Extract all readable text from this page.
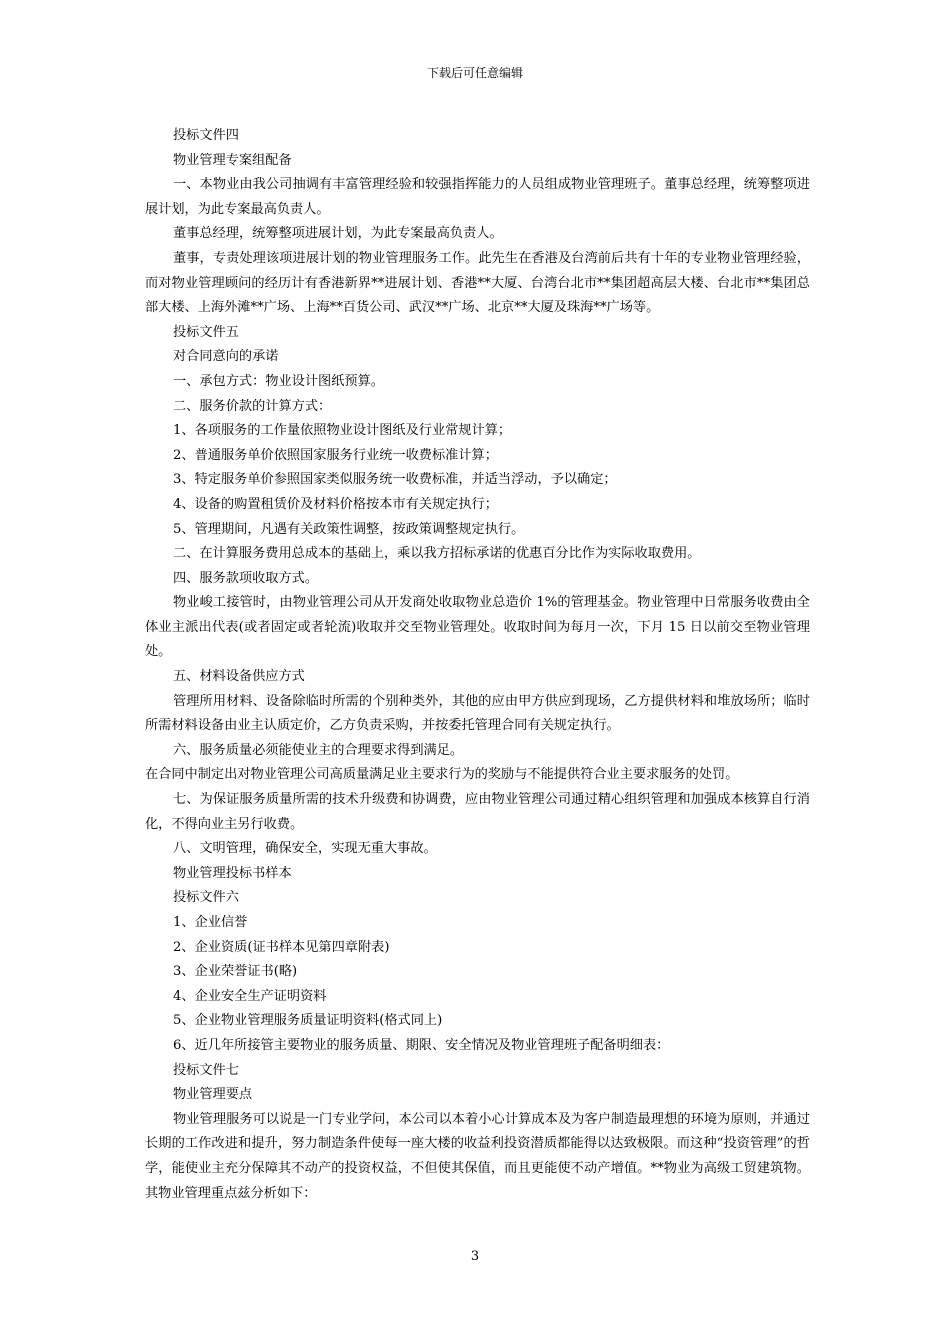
下载后可任意编辑

投标文件四

物业管理专案组配备

一、本物业由我公司抽调有丰富管理经验和较强指挥能力的人员组成物业管理班子。董事总经理，统筹整项进展计划，为此专案最高负责人。

董事总经理，统筹整项进展计划，为此专案最高负责人。

董事，专责处理该项进展计划的物业管理服务工作。此先生在香港及台湾前后共有十年的专业物业管理经验，而对物业管理顾问的经历计有香港新界**进展计划、香港**大厦、台湾台北市**集团超高层大楼、台北市**集团总部大楼、上海外滩**广场、上海**百货公司、武汉**广场、北京**大厦及珠海**广场等。

投标文件五

对合同意向的承诺

一、承包方式：物业设计图纸预算。

二、服务价款的计算方式：

1、各项服务的工作量依照物业设计图纸及行业常规计算；

2、普通服务单价依照国家服务行业统一收费标准计算；

3、特定服务单价参照国家类似服务统一收费标准，并适当浮动，予以确定；

4、设备的购置租赁价及材料价格按本市有关规定执行；

5、管理期间，凡遇有关政策性调整，按政策调整规定执行。

二、在计算服务费用总成本的基础上，乘以我方招标承诺的优惠百分比作为实际收取费用。

四、服务款项收取方式。

物业峻工接管时，由物业管理公司从开发商处收取物业总造价 1%的管理基金。物业管理中日常服务收费由全体业主派出代表(或者固定或者轮流)收取并交至物业管理处。收取时间为每月一次，下月 15 日以前交至物业管理处。

五、材料设备供应方式

管理所用材料、设备除临时所需的个别种类外，其他的应由甲方供应到现场，乙方提供材料和堆放场所；临时所需材料设备由业主认质定价，乙方负责采购，并按委托管理合同有关规定执行。

六、服务质量必须能使业主的合理要求得到满足。

在合同中制定出对物业管理公司高质量满足业主要求行为的奖励与不能提供符合业主要求服务的处罚。

七、为保证服务质量所需的技术升级费和协调费，应由物业管理公司通过精心组织管理和加强成本核算自行消化，不得向业主另行收费。

八、文明管理，确保安全，实现无重大事故。

物业管理投标书样本

投标文件六

1、企业信誉

2、企业资质(证书样本见第四章附表)

3、企业荣誉证书(略)

4、企业安全生产证明资料

5、企业物业管理服务质量证明资料(格式同上)

6、近几年所接管主要物业的服务质量、期限、安全情况及物业管理班子配备明细表：

投标文件七

物业管理要点

物业管理服务可以说是一门专业学问，本公司以本着小心计算成本及为客户制造最理想的环境为原则，并通过长期的工作改进和提升，努力制造条件使每一座大楼的收益利投资潜质都能得以达致极限。而这种“投资管理”的哲学，能使业主充分保障其不动产的投资权益，不但使其保值，而且更能使不动产增值。**物业为高级工贸建筑物。其物业管理重点兹分析如下：

3
